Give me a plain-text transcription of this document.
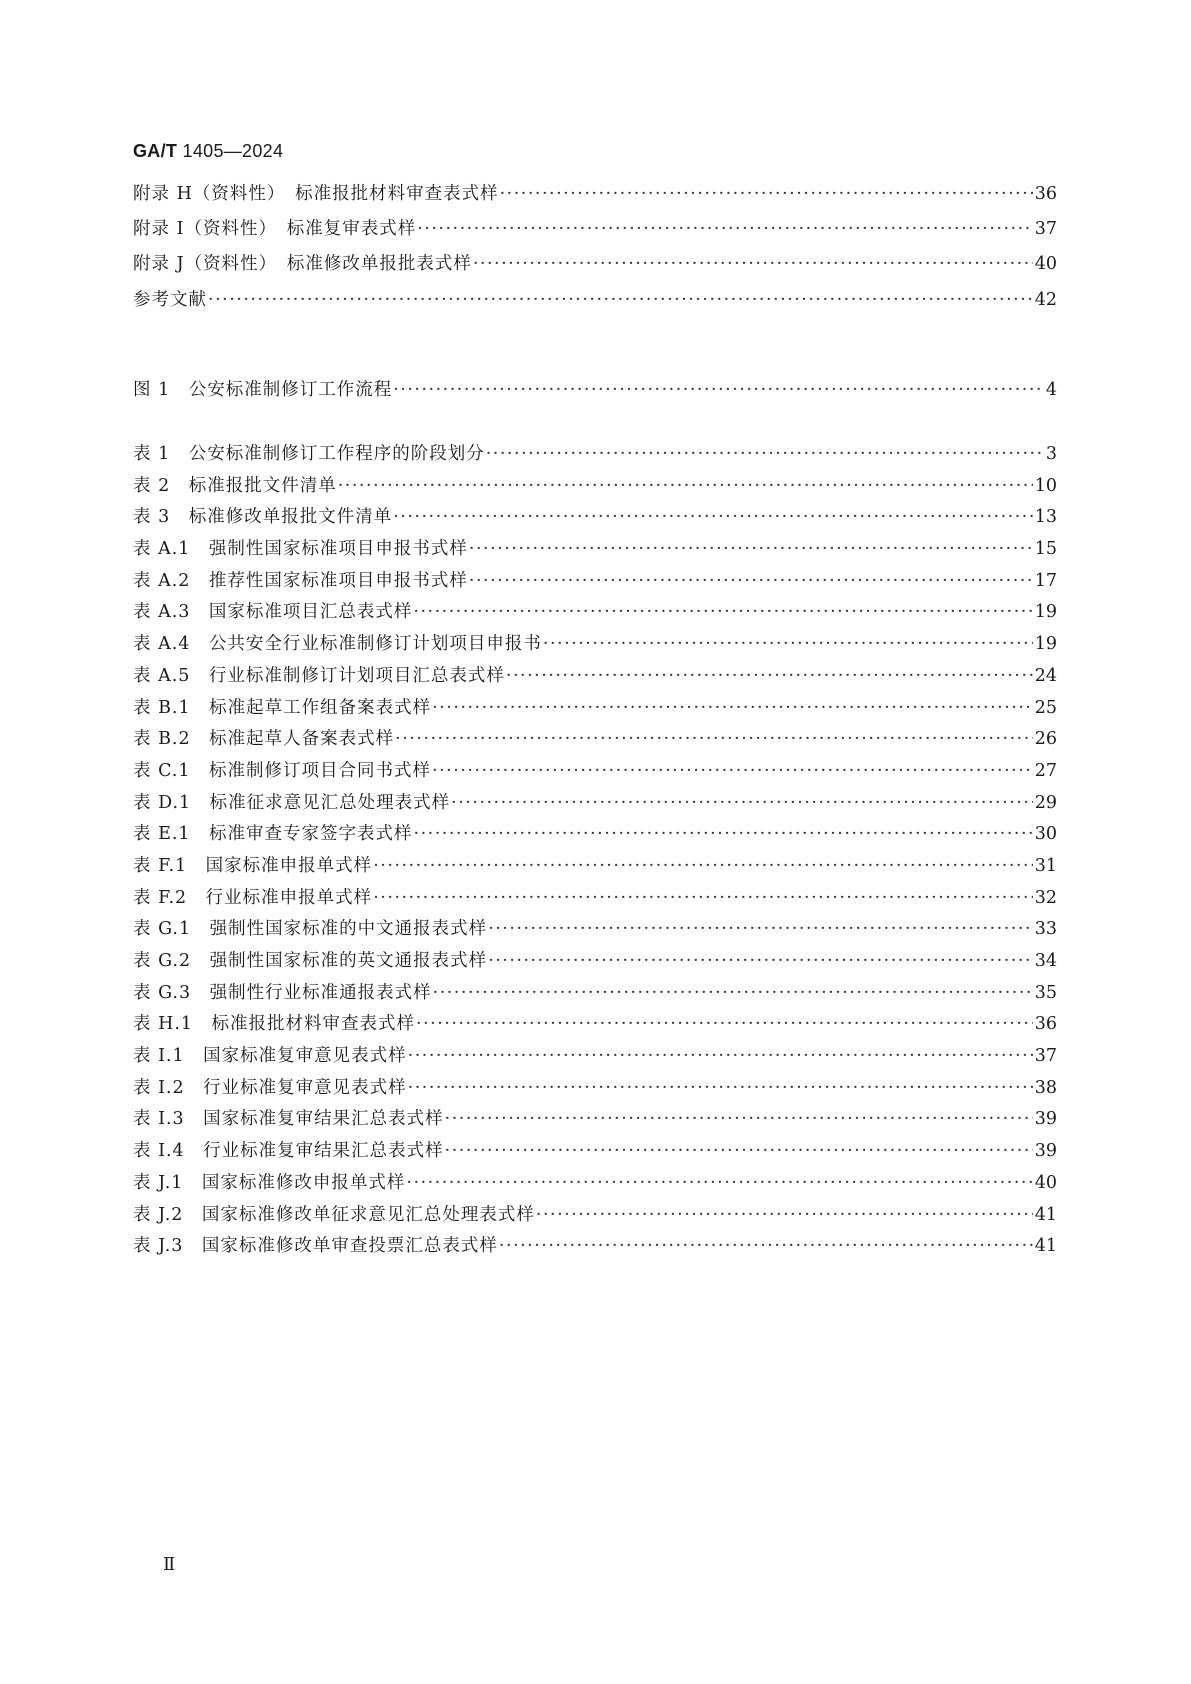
GA/T 1405—2024
附录 H（资料性）　标准报批材料审查表式样 ·····	36
附录 I（资料性）　标准复审表式样 ·····	37
附录 J（资料性）　标准修改单报批表式样 ·····	40
参考文献 ·····	42
图 1　公安标准制修订工作流程 ·····	4
表 1　公安标准制修订工作程序的阶段划分 ·····	3
表 2　标准报批文件清单 ·····	10
表 3　标准修改单报批文件清单 ·····	13
表 A.1　强制性国家标准项目申报书式样 ·····	15
表 A.2　推荐性国家标准项目申报书式样 ·····	17
表 A.3　国家标准项目汇总表式样 ·····	19
表 A.4　公共安全行业标准制修订计划项目申报书 ·····	19
表 A.5　行业标准制修订计划项目汇总表式样 ·····	24
表 B.1　标准起草工作组备案表式样 ·····	25
表 B.2　标准起草人备案表式样 ·····	26
表 C.1　标准制修订项目合同书式样 ·····	27
表 D.1　标准征求意见汇总处理表式样 ·····	29
表 E.1　标准审查专家签字表式样 ·····	30
表 F.1　国家标准申报单式样 ·····	31
表 F.2　行业标准申报单式样 ·····	32
表 G.1　强制性国家标准的中文通报表式样 ·····	33
表 G.2　强制性国家标准的英文通报表式样 ·····	34
表 G.3　强制性行业标准通报表式样 ·····	35
表 H.1　标准报批材料审查表式样 ·····	36
表 I.1　国家标准复审意见表式样 ·····	37
表 I.2　行业标准复审意见表式样 ·····	38
表 I.3　国家标准复审结果汇总表式样 ·····	39
表 I.4　行业标准复审结果汇总表式样 ·····	39
表 J.1　国家标准修改申报单式样 ·····	40
表 J.2　国家标准修改单征求意见汇总处理表式样 ·····	41
表 J.3　国家标准修改单审查投票汇总表式样 ·····	41
Ⅱ
